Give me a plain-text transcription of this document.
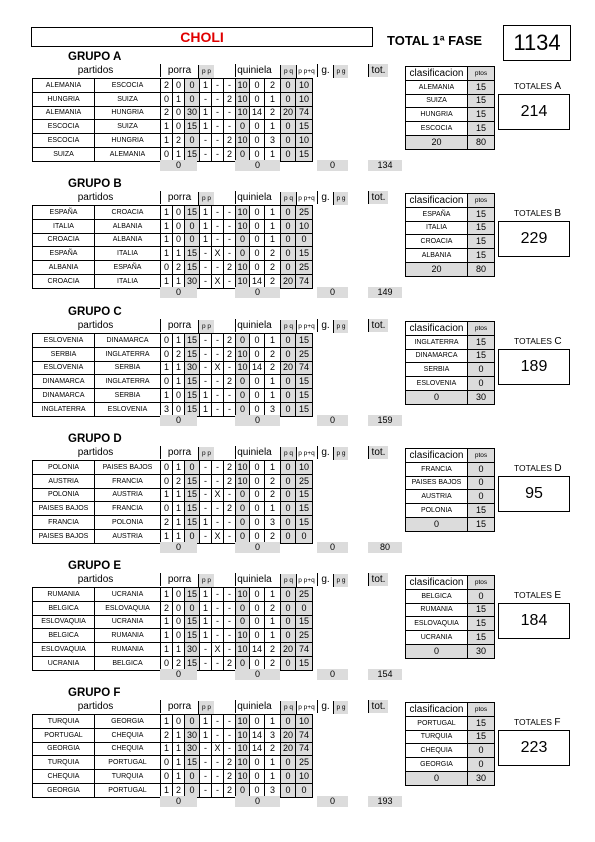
CHOLI	TOTAL 1ª FASE	1134
GRUPO A
partidos	porra	p p	quiniela	p q p p+q g.	p g	tot.
ALEMANIA	ESCOCIA	2	0	0	1	-	-	10	0	2	0	10	
HUNGRIA	SUIZA	0	1	0	-	-	2	10	0	1	0	10	
ALEMANIA	HUNGRIA	2	0	30	1	-	-	10	14	2	20	74	
ESCOCIA	SUIZA	1	0	15	1	-	-	0	0	1	0	15	
ESCOCIA	HUNGRIA	1	2	0	-	-	2	10	0	3	0	10	
SUIZA	ALEMANIA	0	1	15	-	-	2	0	0	1	0	15	
0	0	0	134
clasificacion	ptos
ALEMANIA	15
SUIZA	15
HUNGRIA	15
ESCOCIA	15
20	80
TOTALES A
214
GRUPO B
partidos	porra	p p	quiniela	p q p p+q g.	p g	tot.
ESPAÑA	CROACIA	1	0	15	1	-	-	10	0	1	0	25	
ITALIA	ALBANIA	1	0	0	1	-	-	10	0	1	0	10	
CROACIA	ALBANIA	1	0	0	1	-	-	0	0	1	0	0	
ESPAÑA	ITALIA	1	1	15	-	X	-	0	0	2	0	15	
ALBANIA	ESPAÑA	0	2	15	-	-	2	10	0	2	0	25	
CROACIA	ITALIA	1	1	30	-	X	-	10	14	2	20	74	
0	0	0	149
clasificacion	ptos
ESPAÑA	15
ITALIA	15
CROACIA	15
ALBANIA	15
20	80
TOTALES B
229
GRUPO C
partidos	porra	p p	quiniela	p q p p+q g.	p g	tot.
ESLOVENIA	DINAMARCA	0	1	15	-	-	2	0	0	1	0	15	
SERBIA	INGLATERRA	0	2	15	-	-	2	10	0	2	0	25	
ESLOVENIA	SERBIA	1	1	30	-	X	-	10	14	2	20	74	
DINAMARCA	INGLATERRA	0	1	15	-	-	2	0	0	1	0	15	
DINAMARCA	SERBIA	1	0	15	1	-	-	0	0	1	0	15	
INGLATERRA	ESLOVENIA	3	0	15	1	-	-	0	0	3	0	15	
0	0	0	159
clasificacion	ptos
INGLATERRA	15
DINAMARCA	15
SERBIA	0
ESLOVENIA	0
0	30
TOTALES C
189
GRUPO D
partidos	porra	p p	quiniela	p q p p+q g.	p g	tot.
POLONIA	PAISES BAJOS	0	1	0	-	-	2	10	0	1	0	10	
AUSTRIA	FRANCIA	0	2	15	-	-	2	10	0	2	0	25	
POLONIA	AUSTRIA	1	1	15	-	X	-	0	0	2	0	15	
PAISES BAJOS	FRANCIA	0	1	15	-	-	2	0	0	1	0	15	
FRANCIA	POLONIA	2	1	15	1	-	-	0	0	3	0	15	
PAISES BAJOS	AUSTRIA	1	1	0	-	X	-	0	0	2	0	0	
0	0	0	80
clasificacion	ptos
FRANCIA	0
PAISES BAJOS	0
AUSTRIA	0
POLONIA	15
0	15
TOTALES D
95
GRUPO E
partidos	porra	p p	quiniela	p q p p+q g.	p g	tot.
RUMANIA	UCRANIA	1	0	15	1	-	-	10	0	1	0	25	
BELGICA	ESLOVAQUIA	2	0	0	1	-	-	0	0	2	0	0	
ESLOVAQUIA	UCRANIA	1	0	15	1	-	-	0	0	1	0	15	
BELGICA	RUMANIA	1	0	15	1	-	-	10	0	1	0	25	
ESLOVAQUIA	RUMANIA	1	1	30	-	X	-	10	14	2	20	74	
UCRANIA	BELGICA	0	2	15	-	-	2	0	0	2	0	15	
0	0	0	154
clasificacion	ptos
BELGICA	0
RUMANIA	15
ESLOVAQUIA	15
UCRANIA	15
0	30
TOTALES E
184
GRUPO F
partidos	porra	p p	quiniela	p q p p+q g.	p g	tot.
TURQUIA	GEORGIA	1	0	0	1	-	-	10	0	1	0	10	
PORTUGAL	CHEQUIA	2	1	30	1	-	-	10	14	3	20	74	
GEORGIA	CHEQUIA	1	1	30	-	X	-	10	14	2	20	74	
TURQUIA	PORTUGAL	0	1	15	-	-	2	10	0	1	0	25	
CHEQUIA	TURQUIA	0	1	0	-	-	2	10	0	1	0	10	
GEORGIA	PORTUGAL	1	2	0	-	-	2	0	0	3	0	0	
0	0	0	193
clasificacion	ptos
PORTUGAL	15
TURQUIA	15
CHEQUIA	0
GEORGIA	0
0	30
TOTALES F
223
